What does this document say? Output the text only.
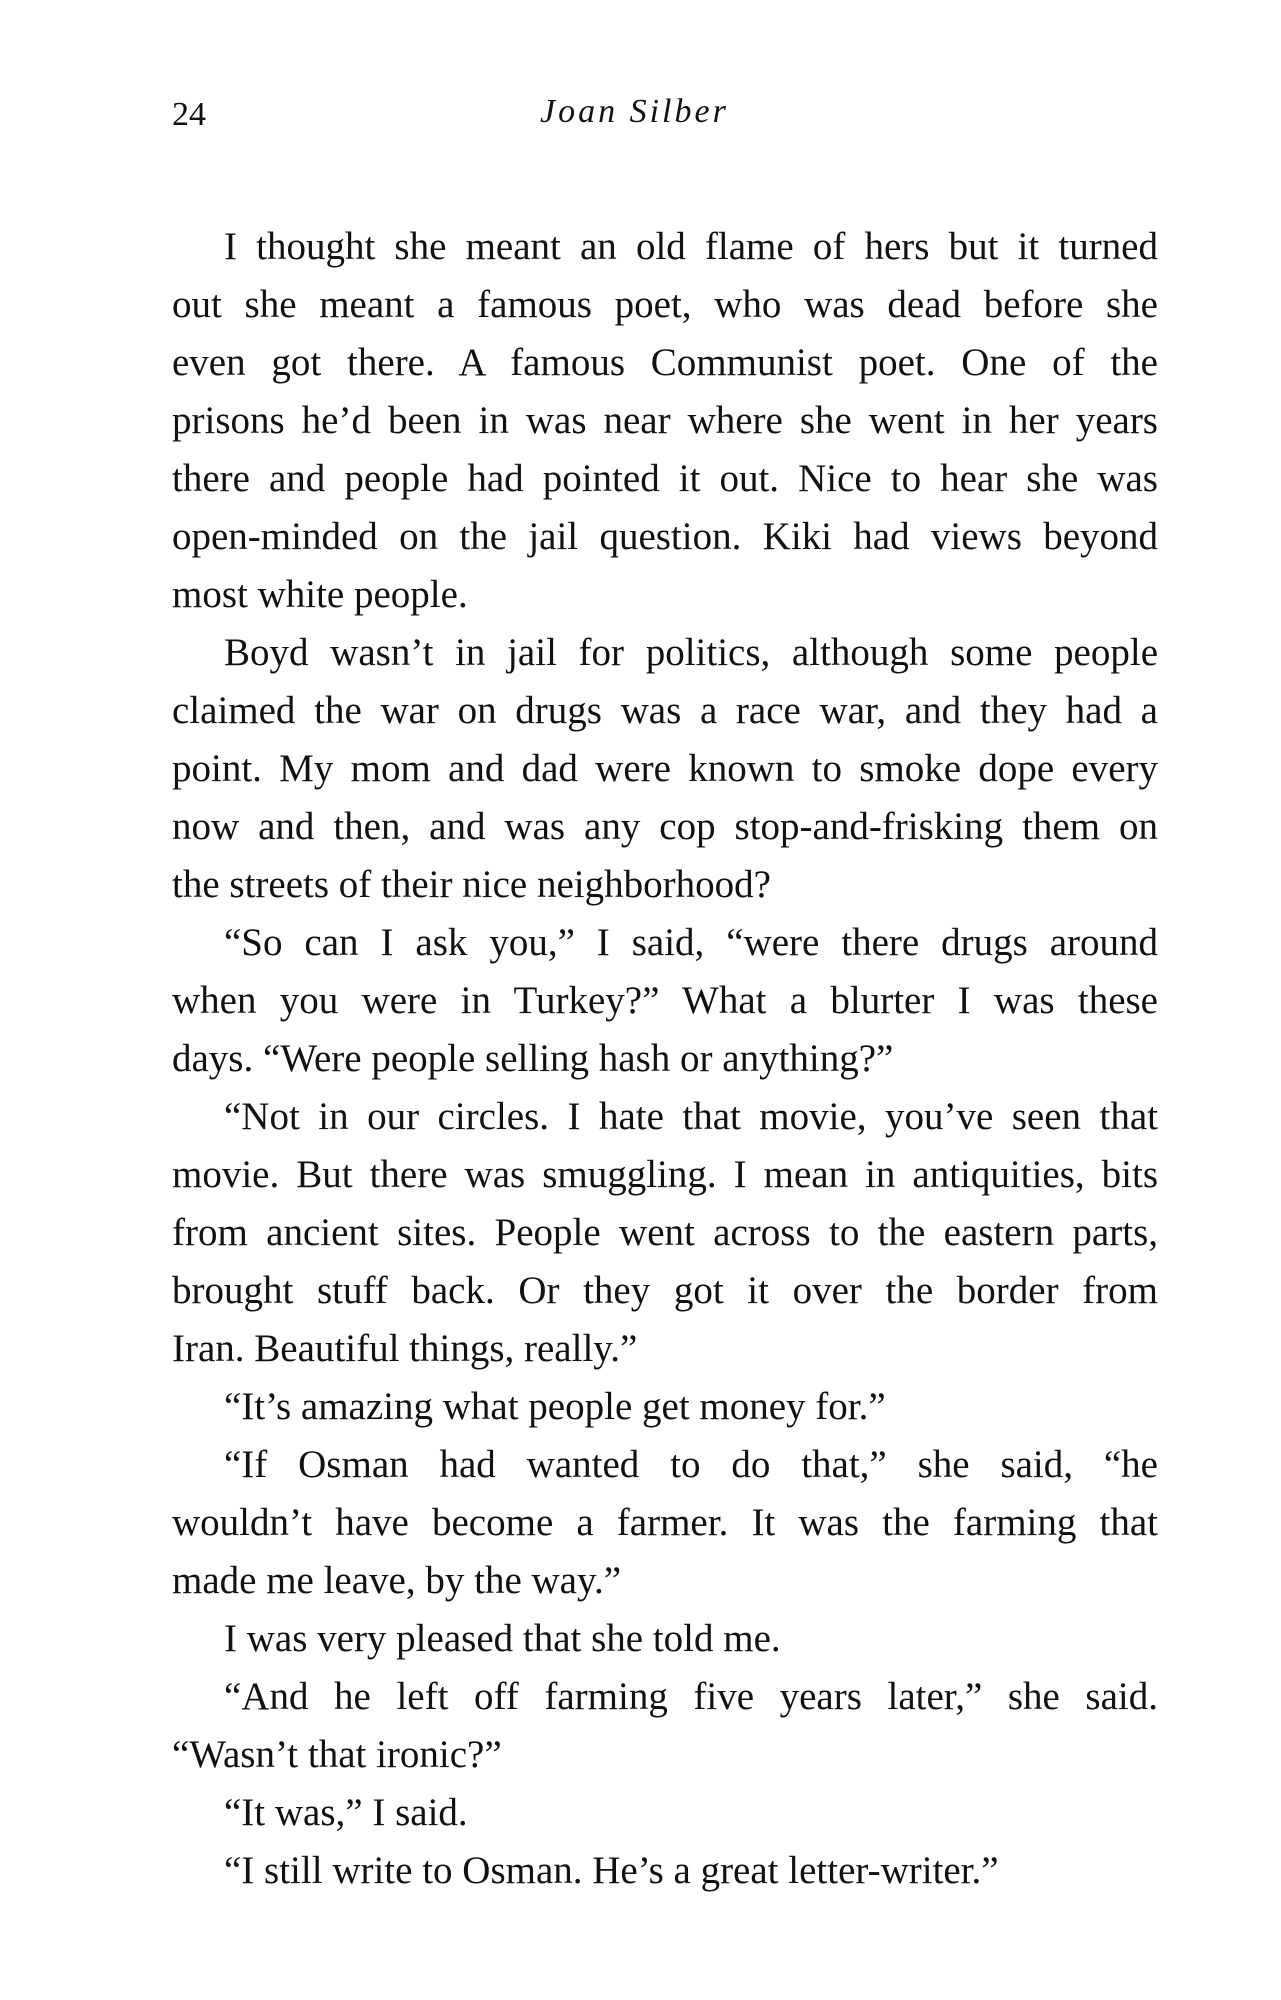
24	Joan Silber
I thought she meant an old flame of hers but it turned
out she meant a famous poet, who was dead before she
even got there. A famous Communist poet. One of the
prisons he’d been in was near where she went in her years
there and people had pointed it out. Nice to hear she was
open-minded on the jail question. Kiki had views beyond
most white people.
Boyd wasn’t in jail for politics, although some people
claimed the war on drugs was a race war, and they had a
point. My mom and dad were known to smoke dope every
now and then, and was any cop stop-and-frisking them on
the streets of their nice neighborhood?
“So can I ask you,” I said, “were there drugs around
when you were in Turkey?” What a blurter I was these
days. “Were people selling hash or anything?”
“Not in our circles. I hate that movie, you’ve seen that
movie. But there was smuggling. I mean in antiquities, bits
from ancient sites. People went across to the eastern parts,
brought stuff back. Or they got it over the border from
Iran. Beautiful things, really.”
“It’s amazing what people get money for.”
“If Osman had wanted to do that,” she said, “he
wouldn’t have become a farmer. It was the farming that
made me leave, by the way.”
I was very pleased that she told me.
“And he left off farming five years later,” she said.
“Wasn’t that ironic?”
“It was,” I said.
“I still write to Osman. He’s a great letter-writer.”
